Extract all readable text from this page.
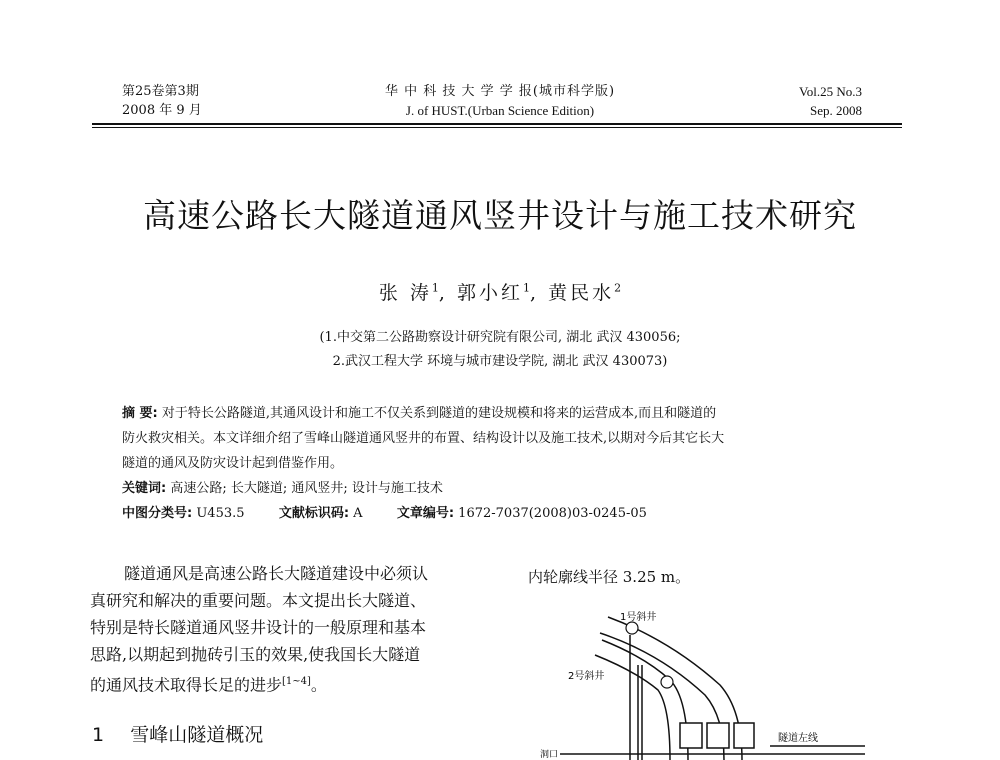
第25卷第3期
2008 年 9 月
华 中 科 技 大 学 学 报(城市科学版)
J. of HUST.(Urban Science Edition)
Vol.25 No.3
Sep. 2008
高速公路长大隧道通风竖井设计与施工技术研究
张 涛$^1$, 郭小红$^1$, 黄民水$^2$
(1.中交第二公路勘察设计研究院有限公司, 湖北 武汉 430056;
2.武汉工程大学 环境与城市建设学院, 湖北 武汉 430073)
摘 要: 对于特长公路隧道,其通风设计和施工不仅关系到隧道的建设规模和将来的运营成本,而且和隧道的
防火救灾相关。本文详细介绍了雪峰山隧道通风竖井的布置、结构设计以及施工技术,以期对今后其它长大
隧道的通风及防灾设计起到借鉴作用。
关键词: 高速公路; 长大隧道; 通风竖井; 设计与施工技术
中图分类号: U453.5	文献标识码: A	文章编号: 1672-7037(2008)03-0245-05
隧道通风是高速公路长大隧道建设中必须认
真研究和解决的重要问题。本文提出长大隧道、
特别是特长隧道通风竖井设计的一般原理和基本
思路,以期起到抛砖引玉的效果,使我国长大隧道
的通风技术取得长足的进步[1~4]。
1 雪峰山隧道概况
内轮廓线半径 3.25 m。
1号斜井
2号斜井
隧道左线
洞口
